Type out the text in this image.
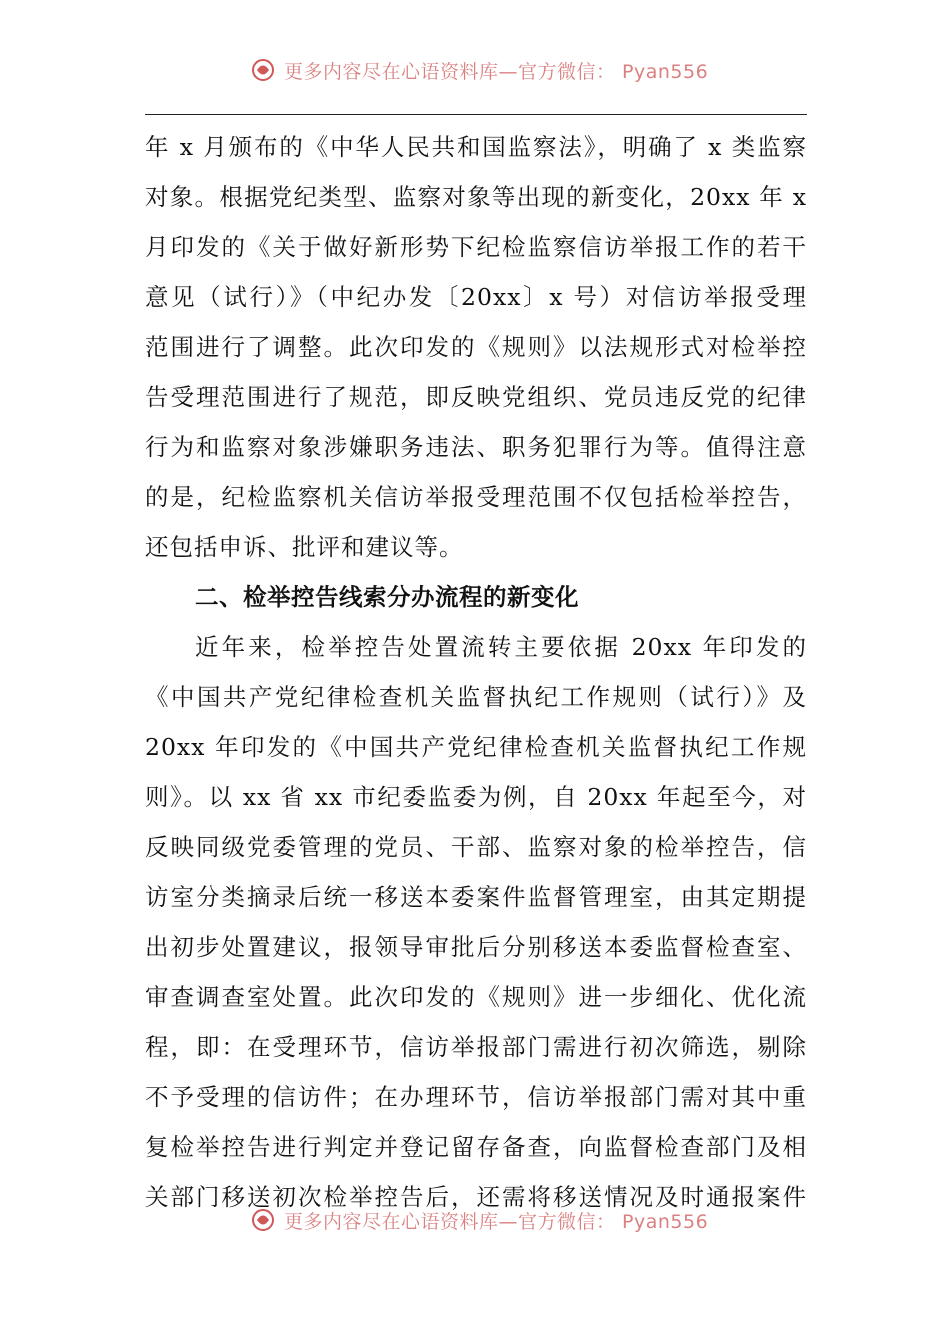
更多内容尽在心语资料库—官方微信： Pyan556

年 x 月颁布的《中华人民共和国监察法》，明确了 x 类监察

对象。根据党纪类型、监察对象等出现的新变化，20xx 年 x

月印发的《关于做好新形势下纪检监察信访举报工作的若干

意见（试行）》（中纪办发〔20xx〕x 号）对信访举报受理

范围进行了调整。此次印发的《规则》以法规形式对检举控

告受理范围进行了规范，即反映党组织、党员违反党的纪律

行为和监察对象涉嫌职务违法、职务犯罪行为等。值得注意

的是，纪检监察机关信访举报受理范围不仅包括检举控告，

还包括申诉、批评和建议等。

二、检举控告线索分办流程的新变化

近年来，检举控告处置流转主要依据 20xx 年印发的

《中国共产党纪律检查机关监督执纪工作规则（试行）》及

20xx 年印发的《中国共产党纪律检查机关监督执纪工作规

则》。以 xx 省 xx 市纪委监委为例，自 20xx 年起至今，对

反映同级党委管理的党员、干部、监察对象的检举控告，信

访室分类摘录后统一移送本委案件监督管理室，由其定期提

出初步处置建议，报领导审批后分别移送本委监督检查室、

审查调查室处置。此次印发的《规则》进一步细化、优化流

程，即：在受理环节，信访举报部门需进行初次筛选，剔除

不予受理的信访件；在办理环节，信访举报部门需对其中重

复检举控告进行判定并登记留存备查，向监督检查部门及相

关部门移送初次检举控告后，还需将移送情况及时通报案件

更多内容尽在心语资料库—官方微信： Pyan556
